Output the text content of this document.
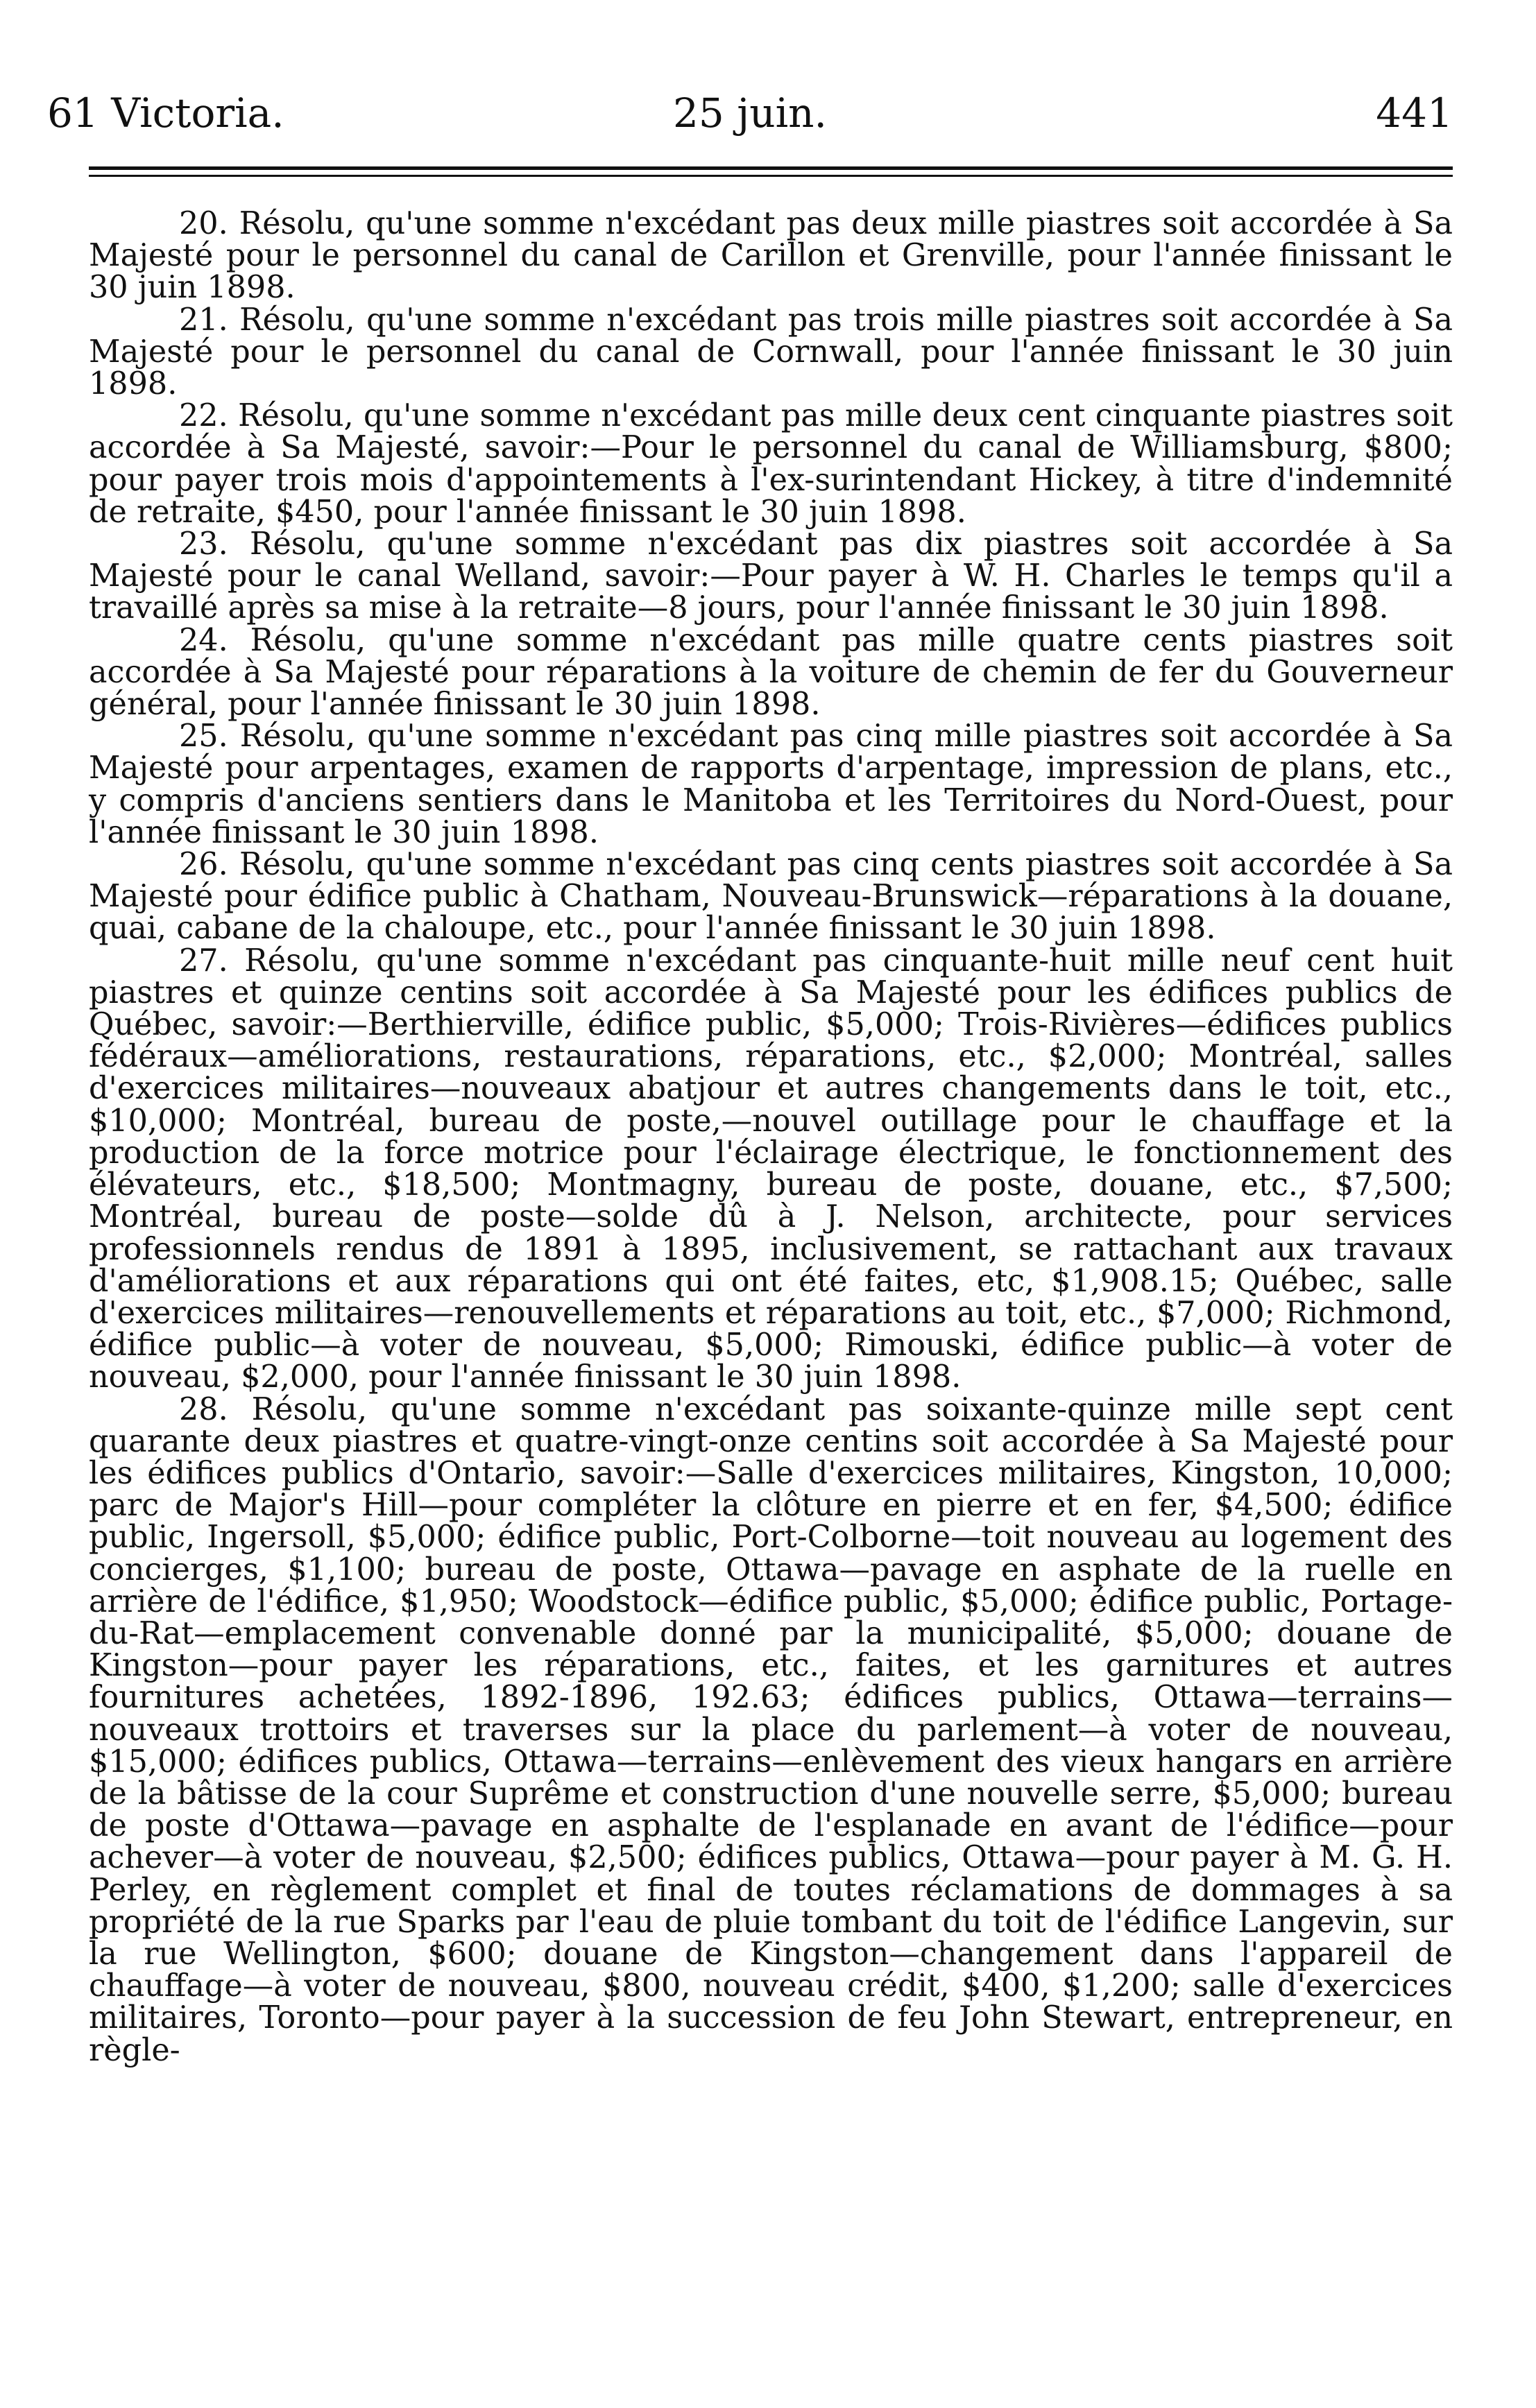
61 Victoria.	25 juin.	441

20. Résolu, qu'une somme n'excédant pas deux mille piastres soit accordée à Sa Majesté pour le personnel du canal de Carillon et Grenville, pour l'année finissant le 30 juin 1898.

21. Résolu, qu'une somme n'excédant pas trois mille piastres soit accordée à Sa Majesté pour le personnel du canal de Cornwall, pour l'année finissant le 30 juin 1898.

22. Résolu, qu'une somme n'excédant pas mille deux cent cinquante piastres soit accordée à Sa Majesté, savoir:—Pour le personnel du canal de Williamsburg, $800; pour payer trois mois d'appointements à l'ex-surintendant Hickey, à titre d'indemnité de retraite, $450, pour l'année finissant le 30 juin 1898.

23. Résolu, qu'une somme n'excédant pas dix piastres soit accordée à Sa Majesté pour le canal Welland, savoir:—Pour payer à W. H. Charles le temps qu'il a travaillé après sa mise à la retraite—8 jours, pour l'année finissant le 30 juin 1898.

24. Résolu, qu'une somme n'excédant pas mille quatre cents piastres soit accordée à Sa Majesté pour réparations à la voiture de chemin de fer du Gouverneur général, pour l'année finissant le 30 juin 1898.

25. Résolu, qu'une somme n'excédant pas cinq mille piastres soit accordée à Sa Majesté pour arpentages, examen de rapports d'arpentage, impression de plans, etc., y compris d'anciens sentiers dans le Manitoba et les Territoires du Nord-Ouest, pour l'année finissant le 30 juin 1898.

26. Résolu, qu'une somme n'excédant pas cinq cents piastres soit accordée à Sa Majesté pour édifice public à Chatham, Nouveau-Brunswick—réparations à la douane, quai, cabane de la chaloupe, etc., pour l'année finissant le 30 juin 1898.

27. Résolu, qu'une somme n'excédant pas cinquante-huit mille neuf cent huit piastres et quinze centins soit accordée à Sa Majesté pour les édifices publics de Québec, savoir:—Berthierville, édifice public, $5,000; Trois-Rivières—édifices publics fédéraux—améliorations, restaurations, réparations, etc., $2,000; Montréal, salles d'exercices militaires—nouveaux abatjour et autres changements dans le toit, etc., $10,000; Montréal, bureau de poste,—nouvel outillage pour le chauffage et la production de la force motrice pour l'éclairage électrique, le fonctionnement des élévateurs, etc., $18,500; Montmagny, bureau de poste, douane, etc., $7,500; Montréal, bureau de poste—solde dû à J. Nelson, architecte, pour services professionnels rendus de 1891 à 1895, inclusivement, se rattachant aux travaux d'améliorations et aux réparations qui ont été faites, etc, $1,908.15; Québec, salle d'exercices militaires—renouvellements et réparations au toit, etc., $7,000; Richmond, édifice public—à voter de nouveau, $5,000; Rimouski, édifice public—à voter de nouveau, $2,000, pour l'année finissant le 30 juin 1898.

28. Résolu, qu'une somme n'excédant pas soixante-quinze mille sept cent quarante deux piastres et quatre-vingt-onze centins soit accordée à Sa Majesté pour les édifices publics d'Ontario, savoir:—Salle d'exercices militaires, Kingston, 10,000; parc de Major's Hill—pour compléter la clôture en pierre et en fer, $4,500; édifice public, Ingersoll, $5,000; édifice public, Port-Colborne—toit nouveau au logement des concierges, $1,100; bureau de poste, Ottawa—pavage en asphate de la ruelle en arrière de l'édifice, $1,950; Woodstock—édifice public, $5,000; édifice public, Portage-du-Rat—emplacement convenable donné par la municipalité, $5,000; douane de Kingston—pour payer les réparations, etc., faites, et les garnitures et autres fournitures achetées, 1892-1896, 192.63; édifices publics, Ottawa—terrains—nouveaux trottoirs et traverses sur la place du parlement—à voter de nouveau, $15,000; édifices publics, Ottawa—terrains—enlèvement des vieux hangars en arrière de la bâtisse de la cour Suprême et construction d'une nouvelle serre, $5,000; bureau de poste d'Ottawa—pavage en asphalte de l'esplanade en avant de l'édifice—pour achever—à voter de nouveau, $2,500; édifices publics, Ottawa—pour payer à M. G. H. Perley, en règlement complet et final de toutes réclamations de dommages à sa propriété de la rue Sparks par l'eau de pluie tombant du toit de l'édifice Langevin, sur la rue Wellington, $600; douane de Kingston—changement dans l'appareil de chauffage—à voter de nouveau, $800, nouveau crédit, $400, $1,200; salle d'exercices militaires, Toronto—pour payer à la succession de feu John Stewart, entrepreneur, en règle-
